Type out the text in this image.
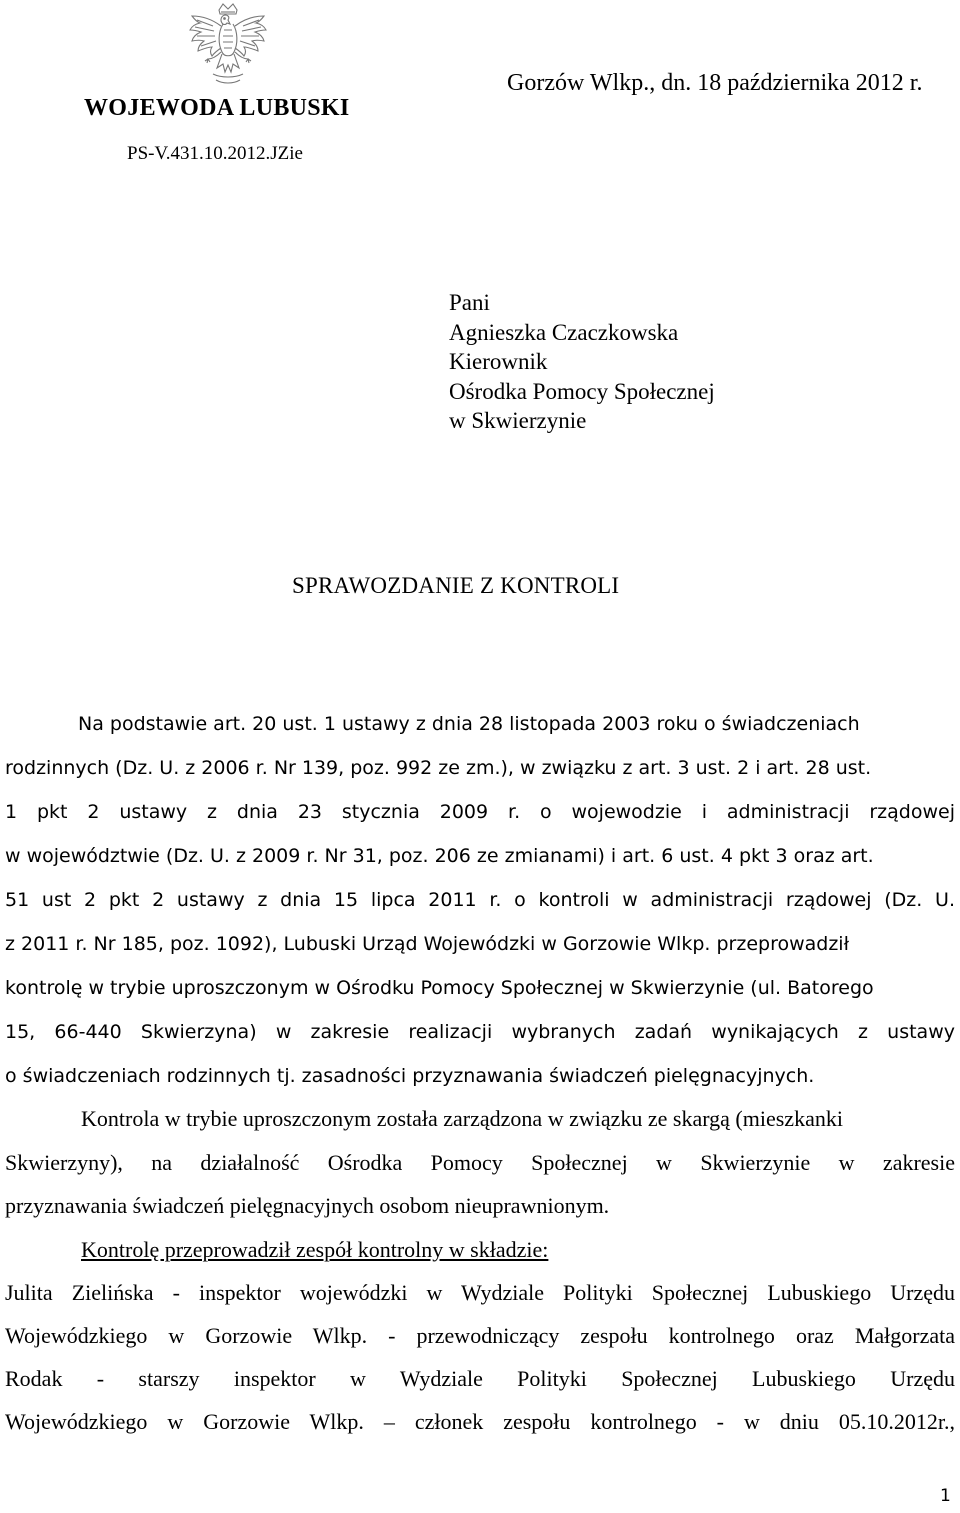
WOJEWODA LUBUSKI
PS-V.431.10.2012.JZie
Gorzów Wlkp., dn. 18 października 2012 r.
Pani
Agnieszka Czaczkowska
Kierownik
Ośrodka Pomocy Społecznej
w Skwierzynie
SPRAWOZDANIE Z KONTROLI
Na podstawie art. 20 ust. 1 ustawy z dnia 28 listopada 2003 roku o świadczeniach
rodzinnych (Dz. U. z 2006 r. Nr 139, poz. 992 ze zm.), w związku z art. 3 ust. 2 i art. 28 ust.
1 pkt 2 ustawy z dnia 23 stycznia 2009 r. o wojewodzie i administracji rządowej
w województwie (Dz. U. z 2009 r. Nr 31, poz. 206 ze zmianami) i art. 6 ust. 4 pkt 3 oraz art.
51 ust 2 pkt 2 ustawy z dnia 15 lipca 2011 r. o kontroli w administracji rządowej (Dz. U.
z 2011 r. Nr 185, poz. 1092), Lubuski Urząd Wojewódzki w Gorzowie Wlkp. przeprowadził
kontrolę w trybie uproszczonym w Ośrodku Pomocy Społecznej w Skwierzynie (ul. Batorego
15, 66-440 Skwierzyna) w zakresie realizacji wybranych zadań wynikających z ustawy
o świadczeniach rodzinnych tj. zasadności przyznawania świadczeń pielęgnacyjnych.
Kontrola w trybie uproszczonym została zarządzona w związku ze skargą (mieszkanki
Skwierzyny), na działalność Ośrodka Pomocy Społecznej w Skwierzynie w zakresie
przyznawania świadczeń pielęgnacyjnych osobom nieuprawnionym.
Kontrolę przeprowadził zespół kontrolny w składzie:
Julita Zielińska - inspektor wojewódzki w Wydziale Polityki Społecznej Lubuskiego Urzędu
Wojewódzkiego w Gorzowie Wlkp. - przewodniczący zespołu kontrolnego oraz Małgorzata
Rodak - starszy inspektor w Wydziale Polityki Społecznej Lubuskiego Urzędu
Wojewódzkiego w Gorzowie Wlkp. – członek zespołu kontrolnego - w dniu 05.10.2012r.,
1
